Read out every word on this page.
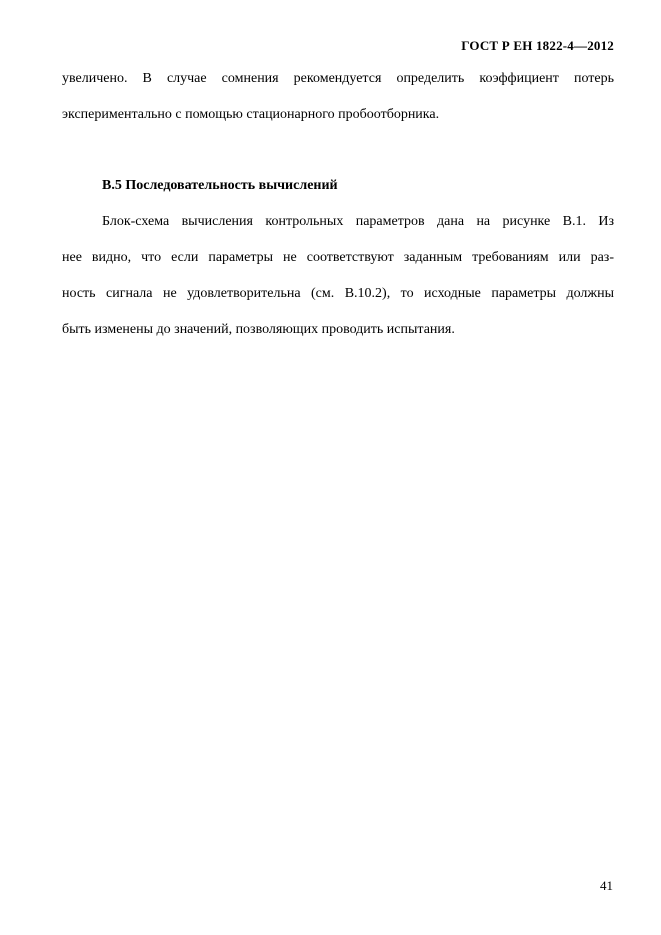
ГОСТ Р ЕН 1822-4—2012
увеличено. В случае сомнения рекомендуется определить коэффициент потерь
экспериментально с помощью стационарного пробоотборника.
В.5 Последовательность вычислений
Блок-схема вычисления контрольных параметров дана на рисунке В.1. Из
нее видно, что если параметры не соответствуют заданным требованиям или раз-
ность сигнала не удовлетворительна (см. В.10.2), то исходные параметры должны
быть изменены до значений, позволяющих проводить испытания.
41
